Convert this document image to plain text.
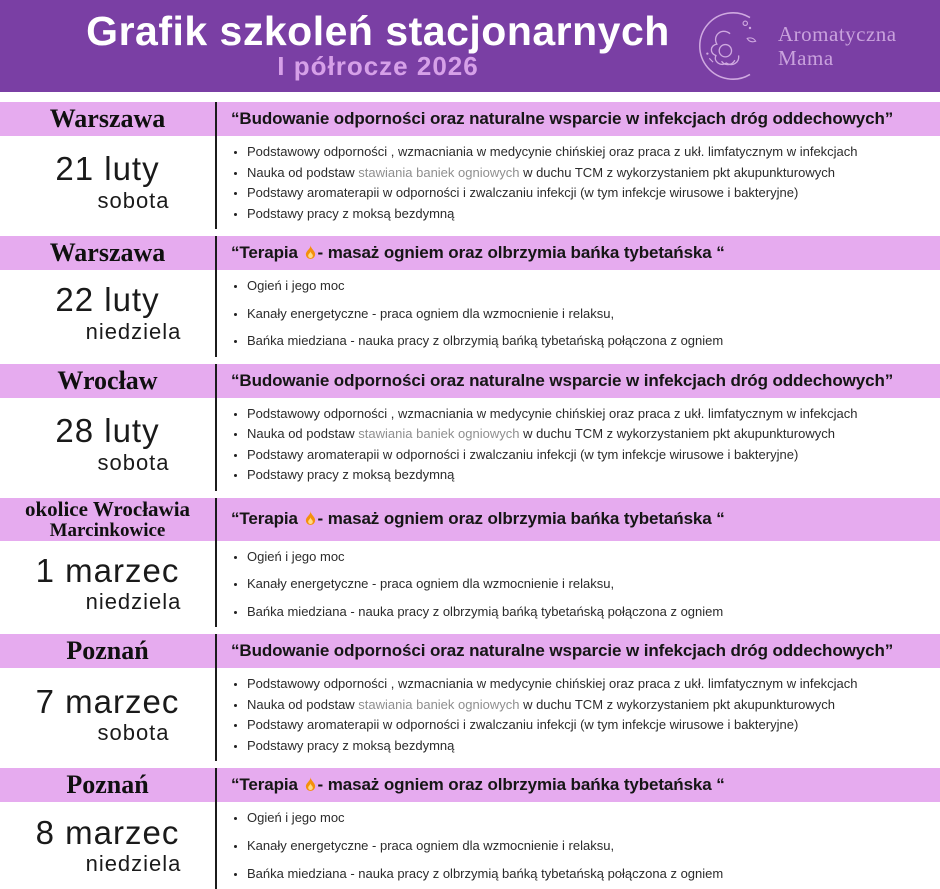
Grafik szkoleń stacjonarnych
I półrocze 2026
Aromatyczna
Mama
Warszawa	“Budowanie odporności oraz naturalne wsparcie w infekcjach dróg oddechowych”
21 luty
sobota
• Podstawowy odporności , wzmacniania w medycynie chińskiej oraz praca z ukł. limfatycznym w infekcjach
• Nauka od podstaw stawiania baniek ogniowych w duchu TCM z wykorzystaniem pkt akupunkturowych
• Podstawy aromaterapii w odporności i zwalczaniu infekcji (w tym infekcje wirusowe i bakteryjne)
• Podstawy pracy z moksą bezdymną
Warszawa	“Terapia - masaż ogniem oraz olbrzymia bańka tybetańska “
22 luty
niedziela
• Ogień i jego moc
• Kanały energetyczne - praca ogniem dla wzmocnienie i relaksu,
• Bańka miedziana - nauka pracy z olbrzymią bańką tybetańską połączona z ogniem
Wrocław	“Budowanie odporności oraz naturalne wsparcie w infekcjach dróg oddechowych”
28 luty
sobota
• Podstawowy odporności , wzmacniania w medycynie chińskiej oraz praca z ukł. limfatycznym w infekcjach
• Nauka od podstaw stawiania baniek ogniowych w duchu TCM z wykorzystaniem pkt akupunkturowych
• Podstawy aromaterapii w odporności i zwalczaniu infekcji (w tym infekcje wirusowe i bakteryjne)
• Podstawy pracy z moksą bezdymną
okolice Wrocławia
Marcinkowice
“Terapia - masaż ogniem oraz olbrzymia bańka tybetańska “
1 marzec
niedziela
• Ogień i jego moc
• Kanały energetyczne - praca ogniem dla wzmocnienie i relaksu,
• Bańka miedziana - nauka pracy z olbrzymią bańką tybetańską połączona z ogniem
Poznań	“Budowanie odporności oraz naturalne wsparcie w infekcjach dróg oddechowych”
7 marzec
sobota
• Podstawowy odporności , wzmacniania w medycynie chińskiej oraz praca z ukł. limfatycznym w infekcjach
• Nauka od podstaw stawiania baniek ogniowych w duchu TCM z wykorzystaniem pkt akupunkturowych
• Podstawy aromaterapii w odporności i zwalczaniu infekcji (w tym infekcje wirusowe i bakteryjne)
• Podstawy pracy z moksą bezdymną
Poznań	“Terapia - masaż ogniem oraz olbrzymia bańka tybetańska “
8 marzec
niedziela
• Ogień i jego moc
• Kanały energetyczne - praca ogniem dla wzmocnienie i relaksu,
• Bańka miedziana - nauka pracy z olbrzymią bańką tybetańską połączona z ogniem
